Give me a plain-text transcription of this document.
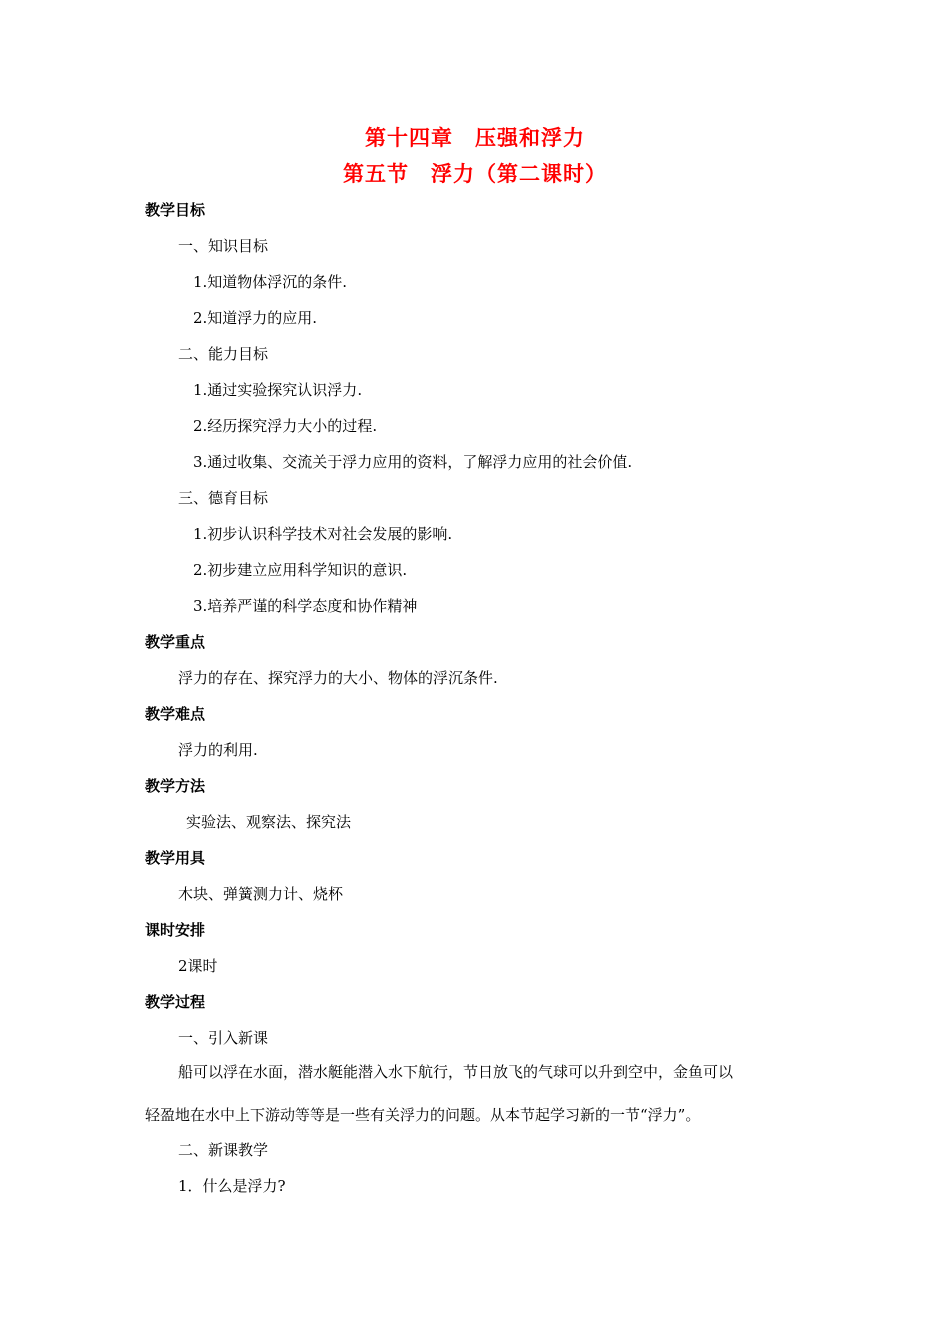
第十四章　压强和浮力
第五节　浮力（第二课时）
教学目标
一、知识目标
1.知道物体浮沉的条件.
2.知道浮力的应用.
二、能力目标
1.通过实验探究认识浮力.
2.经历探究浮力大小的过程.
3.通过收集、交流关于浮力应用的资料，了解浮力应用的社会价值.
三、德育目标
1.初步认识科学技术对社会发展的影响.
2.初步建立应用科学知识的意识.
3.培养严谨的科学态度和协作精神
教学重点
浮力的存在、探究浮力的大小、物体的浮沉条件.
教学难点
浮力的利用.
教学方法
实验法、观察法、探究法
教学用具
木块、弹簧测力计、烧杯
课时安排
2课时
教学过程
一、引入新课
船可以浮在水面，潜水艇能潜入水下航行，节日放飞的气球可以升到空中，金鱼可以
轻盈地在水中上下游动等等是一些有关浮力的问题。从本节起学习新的一节“浮力”。
二、新课教学
1．什么是浮力?
